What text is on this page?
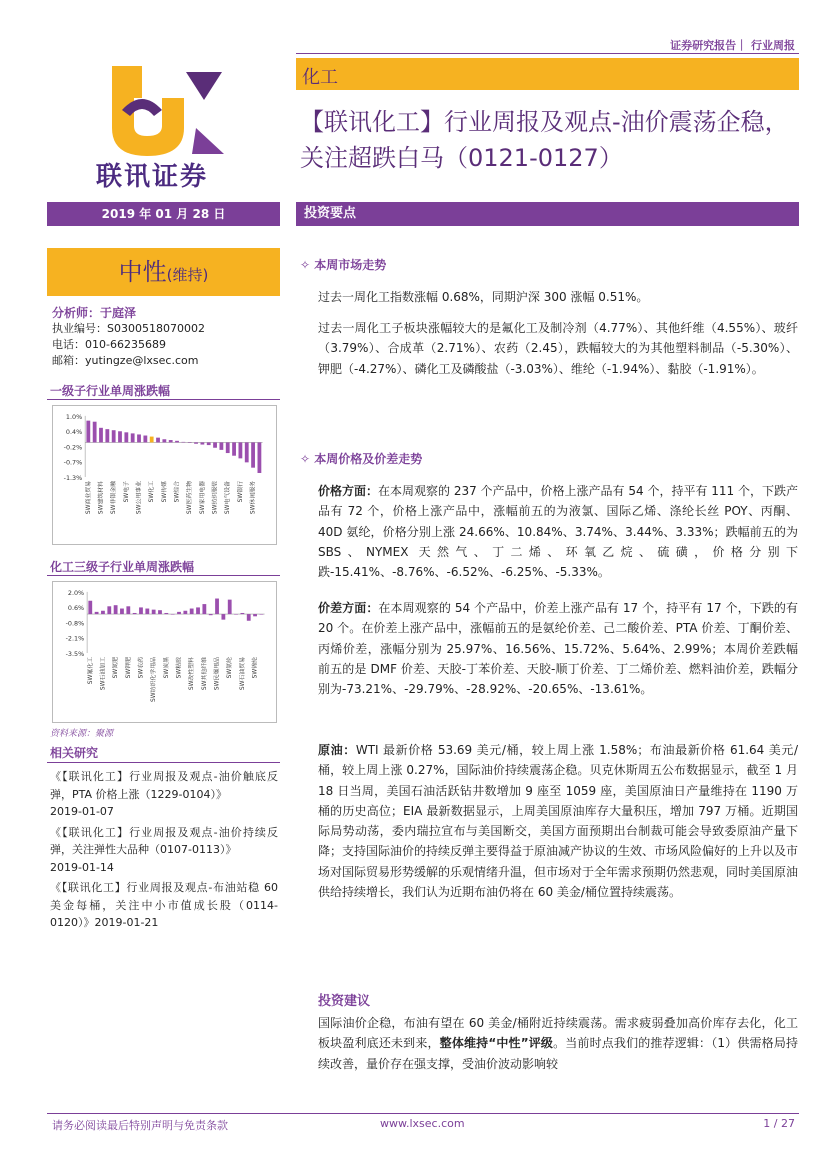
证券研究报告｜ 行业周报
化工
【联讯化工】行业周报及观点-油价震荡企稳，关注超跌白马（0121-0127）
联讯证券
2019 年 01 月 28 日	投资要点
中性(维持)
分析师：于庭泽
执业编号：S0300518070002
电话：010-66235689
邮箱：yutingze@lxsec.com
一级子行业单周涨跌幅
1.0%
0.4%
-0.2%
-0.7%
-1.3%
SW商业贸易	SW建筑材料	SW非银金融	SW电子	SW公用事业	SW化工	SW传媒	SW综合	SW医药生物	SW家用电器	SW纺织服装	SW电气设备	SW银行	SW休闲服务
化工三级子行业单周涨跌幅
2.0%
0.6%
-0.8%
-2.1%
-3.5%
SW氟化工	SW石油加工	SW氮肥	SW钾肥	SW农药	SW纺织化学用品	SW炭黑	SW粘胶	SW改性塑料	SW其他纤维	SW民爆用品	SW氨纶	SW石油贸易	SW锦纶
资料来源：聚源
相关研究
《【联讯化工】行业周报及观点-油价触底反弹，PTA 价格上涨（1229-0104）》
2019-01-07
《【联讯化工】行业周报及观点-油价持续反弹，关注弹性大品种（0107-0113）》
2019-01-14
《【联讯化工】行业周报及观点-布油站稳 60 美金每桶，关注中小市值成长股（0114-0120）》2019-01-21
✧ 本周市场走势
过去一周化工指数涨幅 0.68%，同期沪深 300 涨幅 0.51%。
过去一周化工子板块涨幅较大的是氟化工及制冷剂（4.77%）、其他纤维（4.55%）、玻纤（3.79%）、合成革（2.71%）、农药（2.45），跌幅较大的为其他塑料制品（-5.30%）、钾肥（-4.27%）、磷化工及磷酸盐（-3.03%）、维纶（-1.94%）、黏胶（-1.91%）。
✧ 本周价格及价差走势
价格方面：在本周观察的 237 个产品中，价格上涨产品有 54 个，持平有 111 个，下跌产品有 72 个，价格上涨产品中，涨幅前五的为液氯、国际乙烯、涤纶长丝 POY、丙酮、40D 氨纶，价格分别上涨 24.66%、10.84%、3.74%、3.44%、3.33%；跌幅前五的为 SBS、NYMEX 天然气、丁二烯、环氧乙烷、硫磺，价格分别下跌-15.41%、-8.76%、-6.52%、-6.25%、-5.33%。
价差方面：在本周观察的 54 个产品中，价差上涨产品有 17 个，持平有 17 个，下跌的有 20 个。在价差上涨产品中，涨幅前五的是氨纶价差、己二酸价差、PTA 价差、丁酮价差、丙烯价差，涨幅分别为 25.97%、16.56%、15.72%、5.64%、2.99%；本周价差跌幅前五的是 DMF 价差、天胶-丁苯价差、天胶-顺丁价差、丁二烯价差、燃料油价差，跌幅分别为-73.21%、-29.79%、-28.92%、-20.65%、-13.61%。
原油：WTI 最新价格 53.69 美元/桶，较上周上涨 1.58%；布油最新价格 61.64 美元/桶，较上周上涨 0.27%，国际油价持续震荡企稳。贝克休斯周五公布数据显示，截至 1 月 18 日当周，美国石油活跃钻井数增加 9 座至 1059 座，美国原油日产量维持在 1190 万桶的历史高位；EIA 最新数据显示，上周美国原油库存大量积压，增加 797 万桶。近期国际局势动荡，委内瑞拉宣布与美国断交，美国方面预期出台制裁可能会导致委原油产量下降；支持国际油价的持续反弹主要得益于原油减产协议的生效、市场风险偏好的上升以及市场对国际贸易形势缓解的乐观情绪升温，但市场对于全年需求预期仍然悲观，同时美国原油供给持续增长，我们认为近期布油仍将在 60 美金/桶位置持续震荡。
投资建议
国际油价企稳，布油有望在 60 美金/桶附近持续震荡。需求疲弱叠加高价库存去化，化工板块盈利底还未到来，整体维持“中性”评级。当前时点我们的推荐逻辑：（1）供需格局持续改善，量价存在强支撑，受油价波动影响较
请务必阅读最后特别声明与免责条款	www.lxsec.com	1 / 27
